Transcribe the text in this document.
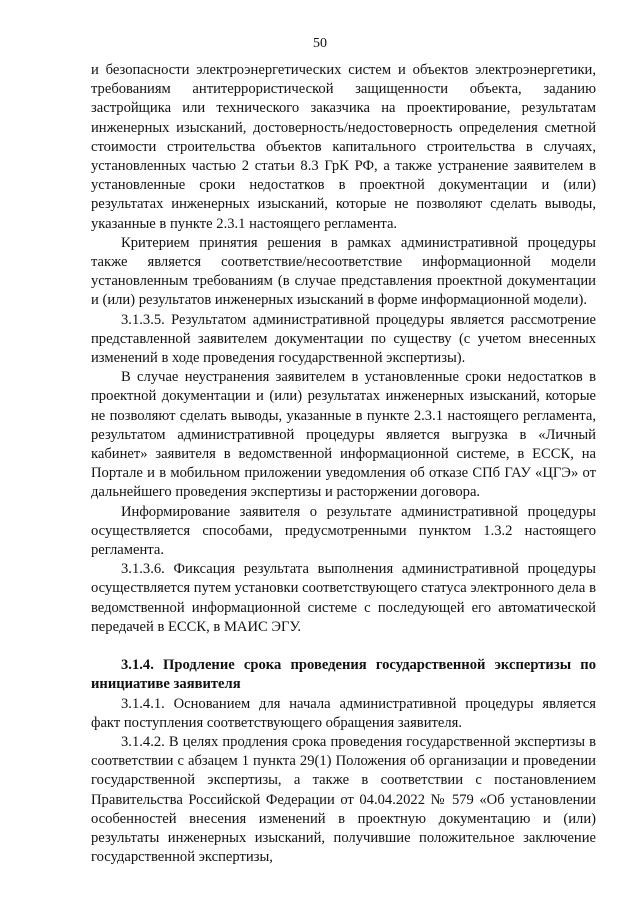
50

и безопасности электроэнергетических систем и объектов электроэнергетики, требованиям антитеррористической защищенности объекта, заданию застройщика или технического заказчика на проектирование, результатам инженерных изысканий, достоверность/недостоверность определения сметной стоимости строительства объектов капитального строительства в случаях, установленных частью 2 статьи 8.3 ГрК РФ, а также устранение заявителем в установленные сроки недостатков в проектной документации и (или) результатах инженерных изысканий, которые не позволяют сделать выводы, указанные в пункте 2.3.1 настоящего регламента.

Критерием принятия решения в рамках административной процедуры также является соответствие/несоответствие информационной модели установленным требованиям (в случае представления проектной документации и (или) результатов инженерных изысканий в форме информационной модели).

3.1.3.5. Результатом административной процедуры является рассмотрение представленной заявителем документации по существу (с учетом внесенных изменений в ходе проведения государственной экспертизы).

В случае неустранения заявителем в установленные сроки недостатков в проектной документации и (или) результатах инженерных изысканий, которые не позволяют сделать выводы, указанные в пункте 2.3.1 настоящего регламента, результатом административной процедуры является выгрузка в «Личный кабинет» заявителя в ведомственной информационной системе, в ЕССК, на Портале и в мобильном приложении уведомления об отказе СПб ГАУ «ЦГЭ» от дальнейшего проведения экспертизы и расторжении договора.

Информирование заявителя о результате административной процедуры осуществляется способами, предусмотренными пунктом 1.3.2 настоящего регламента.

3.1.3.6. Фиксация результата выполнения административной процедуры осуществляется путем установки соответствующего статуса электронного дела в ведомственной информационной системе с последующей его автоматической передачей в ЕССК, в МАИС ЭГУ.

3.1.4. Продление срока проведения государственной экспертизы по инициативе заявителя

3.1.4.1. Основанием для начала административной процедуры является факт поступления соответствующего обращения заявителя.

3.1.4.2. В целях продления срока проведения государственной экспертизы в соответствии с абзацем 1 пункта 29(1) Положения об организации и проведении государственной экспертизы, а также в соответствии с постановлением Правительства Российской Федерации от 04.04.2022 № 579 «Об установлении особенностей внесения изменений в проектную документацию и (или) результаты инженерных изысканий, получившие положительное заключение государственной экспертизы,
